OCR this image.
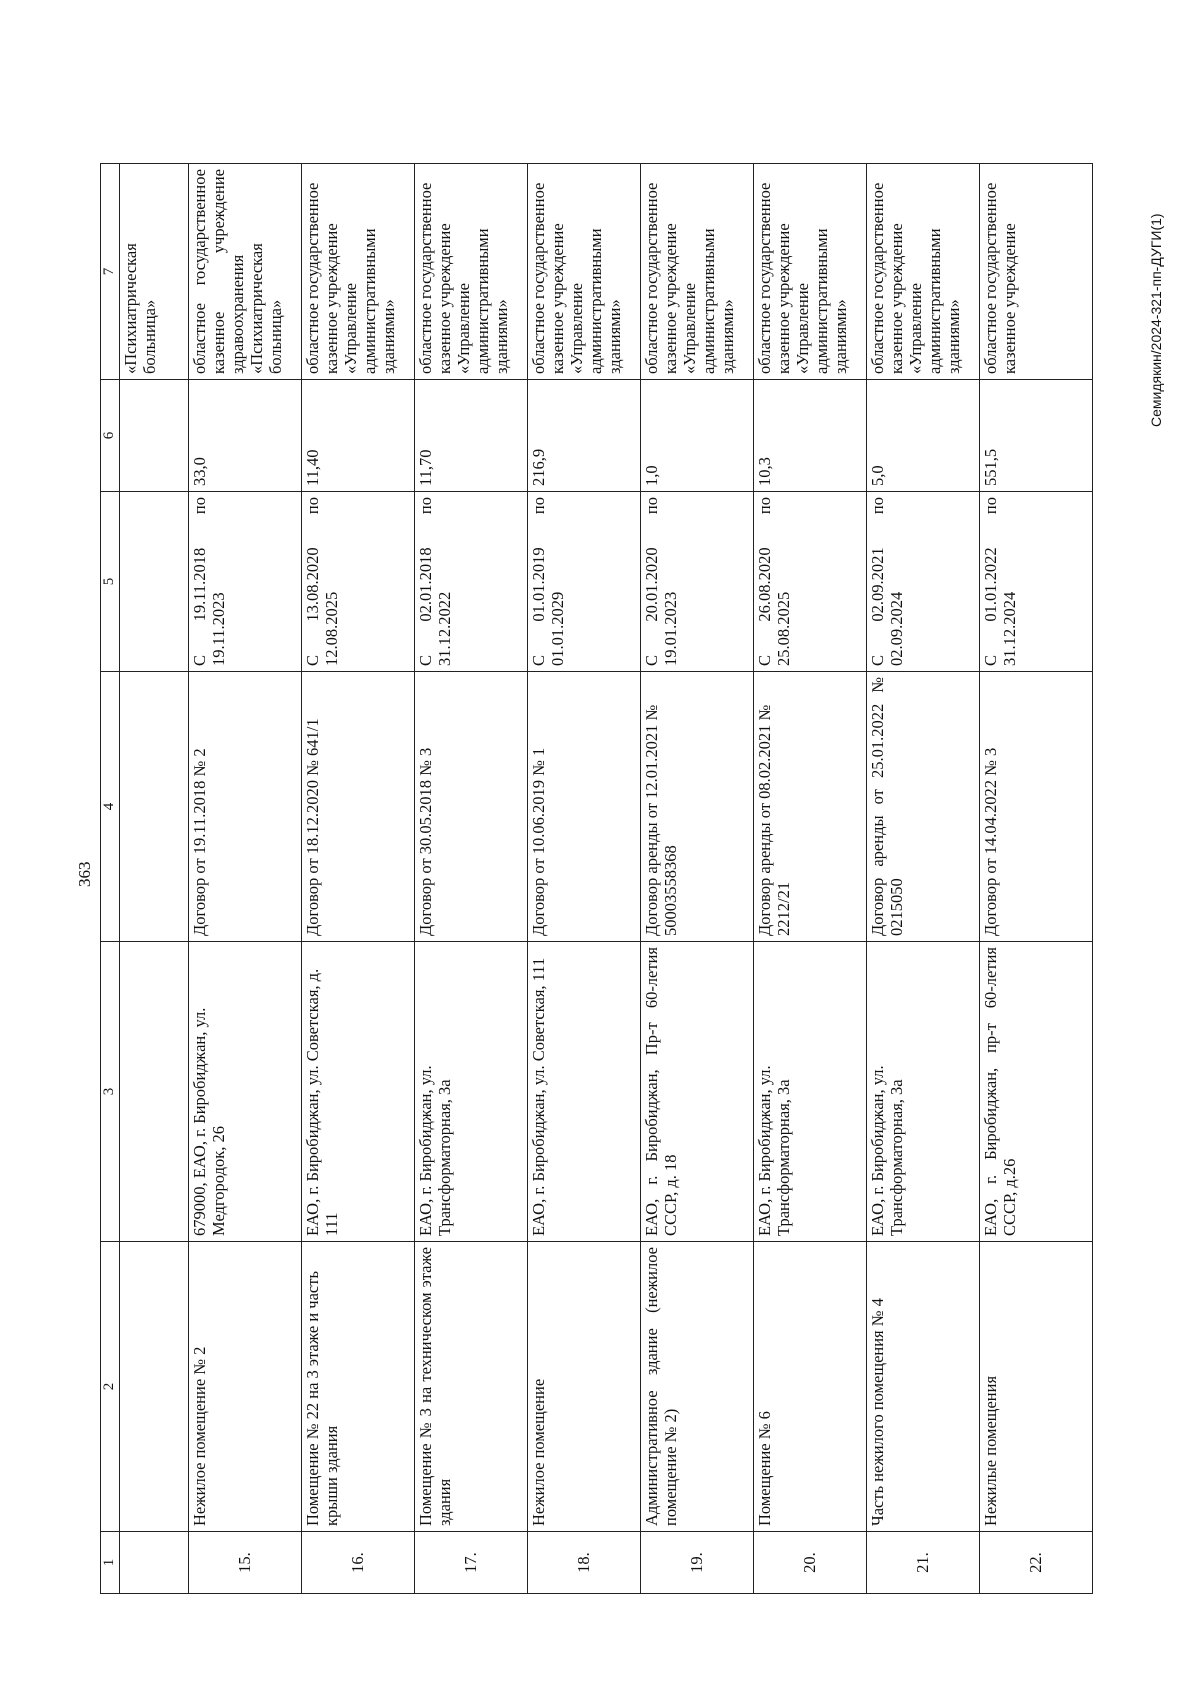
363
1	2	3	4	5	6	7
						«Психиатрическая больница»
15.	Нежилое помещение № 2	679000, ЕАО, г. Биробиджан, ул. Медгородок, 26	Договор от 19.11.2018 № 2	С 19.11.2018 по 19.11.2023	33,0	областное государственное казенное учреждение здравоохранения «Психиатрическая больница»
16.	Помещение № 22 на 3 этаже и часть крыши здания	ЕАО, г. Биробиджан, ул. Советская, д. 111	Договор от 18.12.2020 № 641/1	С 13.08.2020 по 12.08.2025	11,40	областное государственное казенное учреждение «Управление административными зданиями»
17.	Помещение № 3 на техническом этаже здания	ЕАО, г. Биробиджан, ул. Трансформаторная, 3а	Договор от 30.05.2018 № 3	С 02.01.2018 по 31.12.2022	11,70	областное государственное казенное учреждение «Управление административными зданиями»
18.	Нежилое помещение	ЕАО, г. Биробиджан, ул. Советская, 111	Договор от 10.06.2019 № 1	С 01.01.2019 по 01.01.2029	216,9	областное государственное казенное учреждение «Управление административными зданиями»
19.	Административное здание (нежилое помещение № 2)	ЕАО, г. Биробиджан, Пр-т 60-летия СССР, д. 18	Договор аренды от 12.01.2021 № 50003558368	С 20.01.2020 по 19.01.2023	1,0	областное государственное казенное учреждение «Управление административными зданиями»
20.	Помещение № 6	ЕАО, г. Биробиджан, ул. Трансформаторная, 3а	Договор аренды от 08.02.2021 № 2212/21	С 26.08.2020 по 25.08.2025	10,3	областное государственное казенное учреждение «Управление административными зданиями»
21.	Часть нежилого помещения № 4	ЕАО, г. Биробиджан, ул. Трансформаторная, 3а	Договор аренды от 25.01.2022 № 0215050	С 02.09.2021 по 02.09.2024	5,0	областное государственное казенное учреждение «Управление административными зданиями»
22.	Нежилые помещения	ЕАО, г. Биробиджан, пр-т 60-летия СССР, д.26	Договор от 14.04.2022 № 3	С 01.01.2022 по 31.12.2024	551,5	областное государственное казенное учреждение	Семидякин/2024-321-пп-ДУГИ(1)
